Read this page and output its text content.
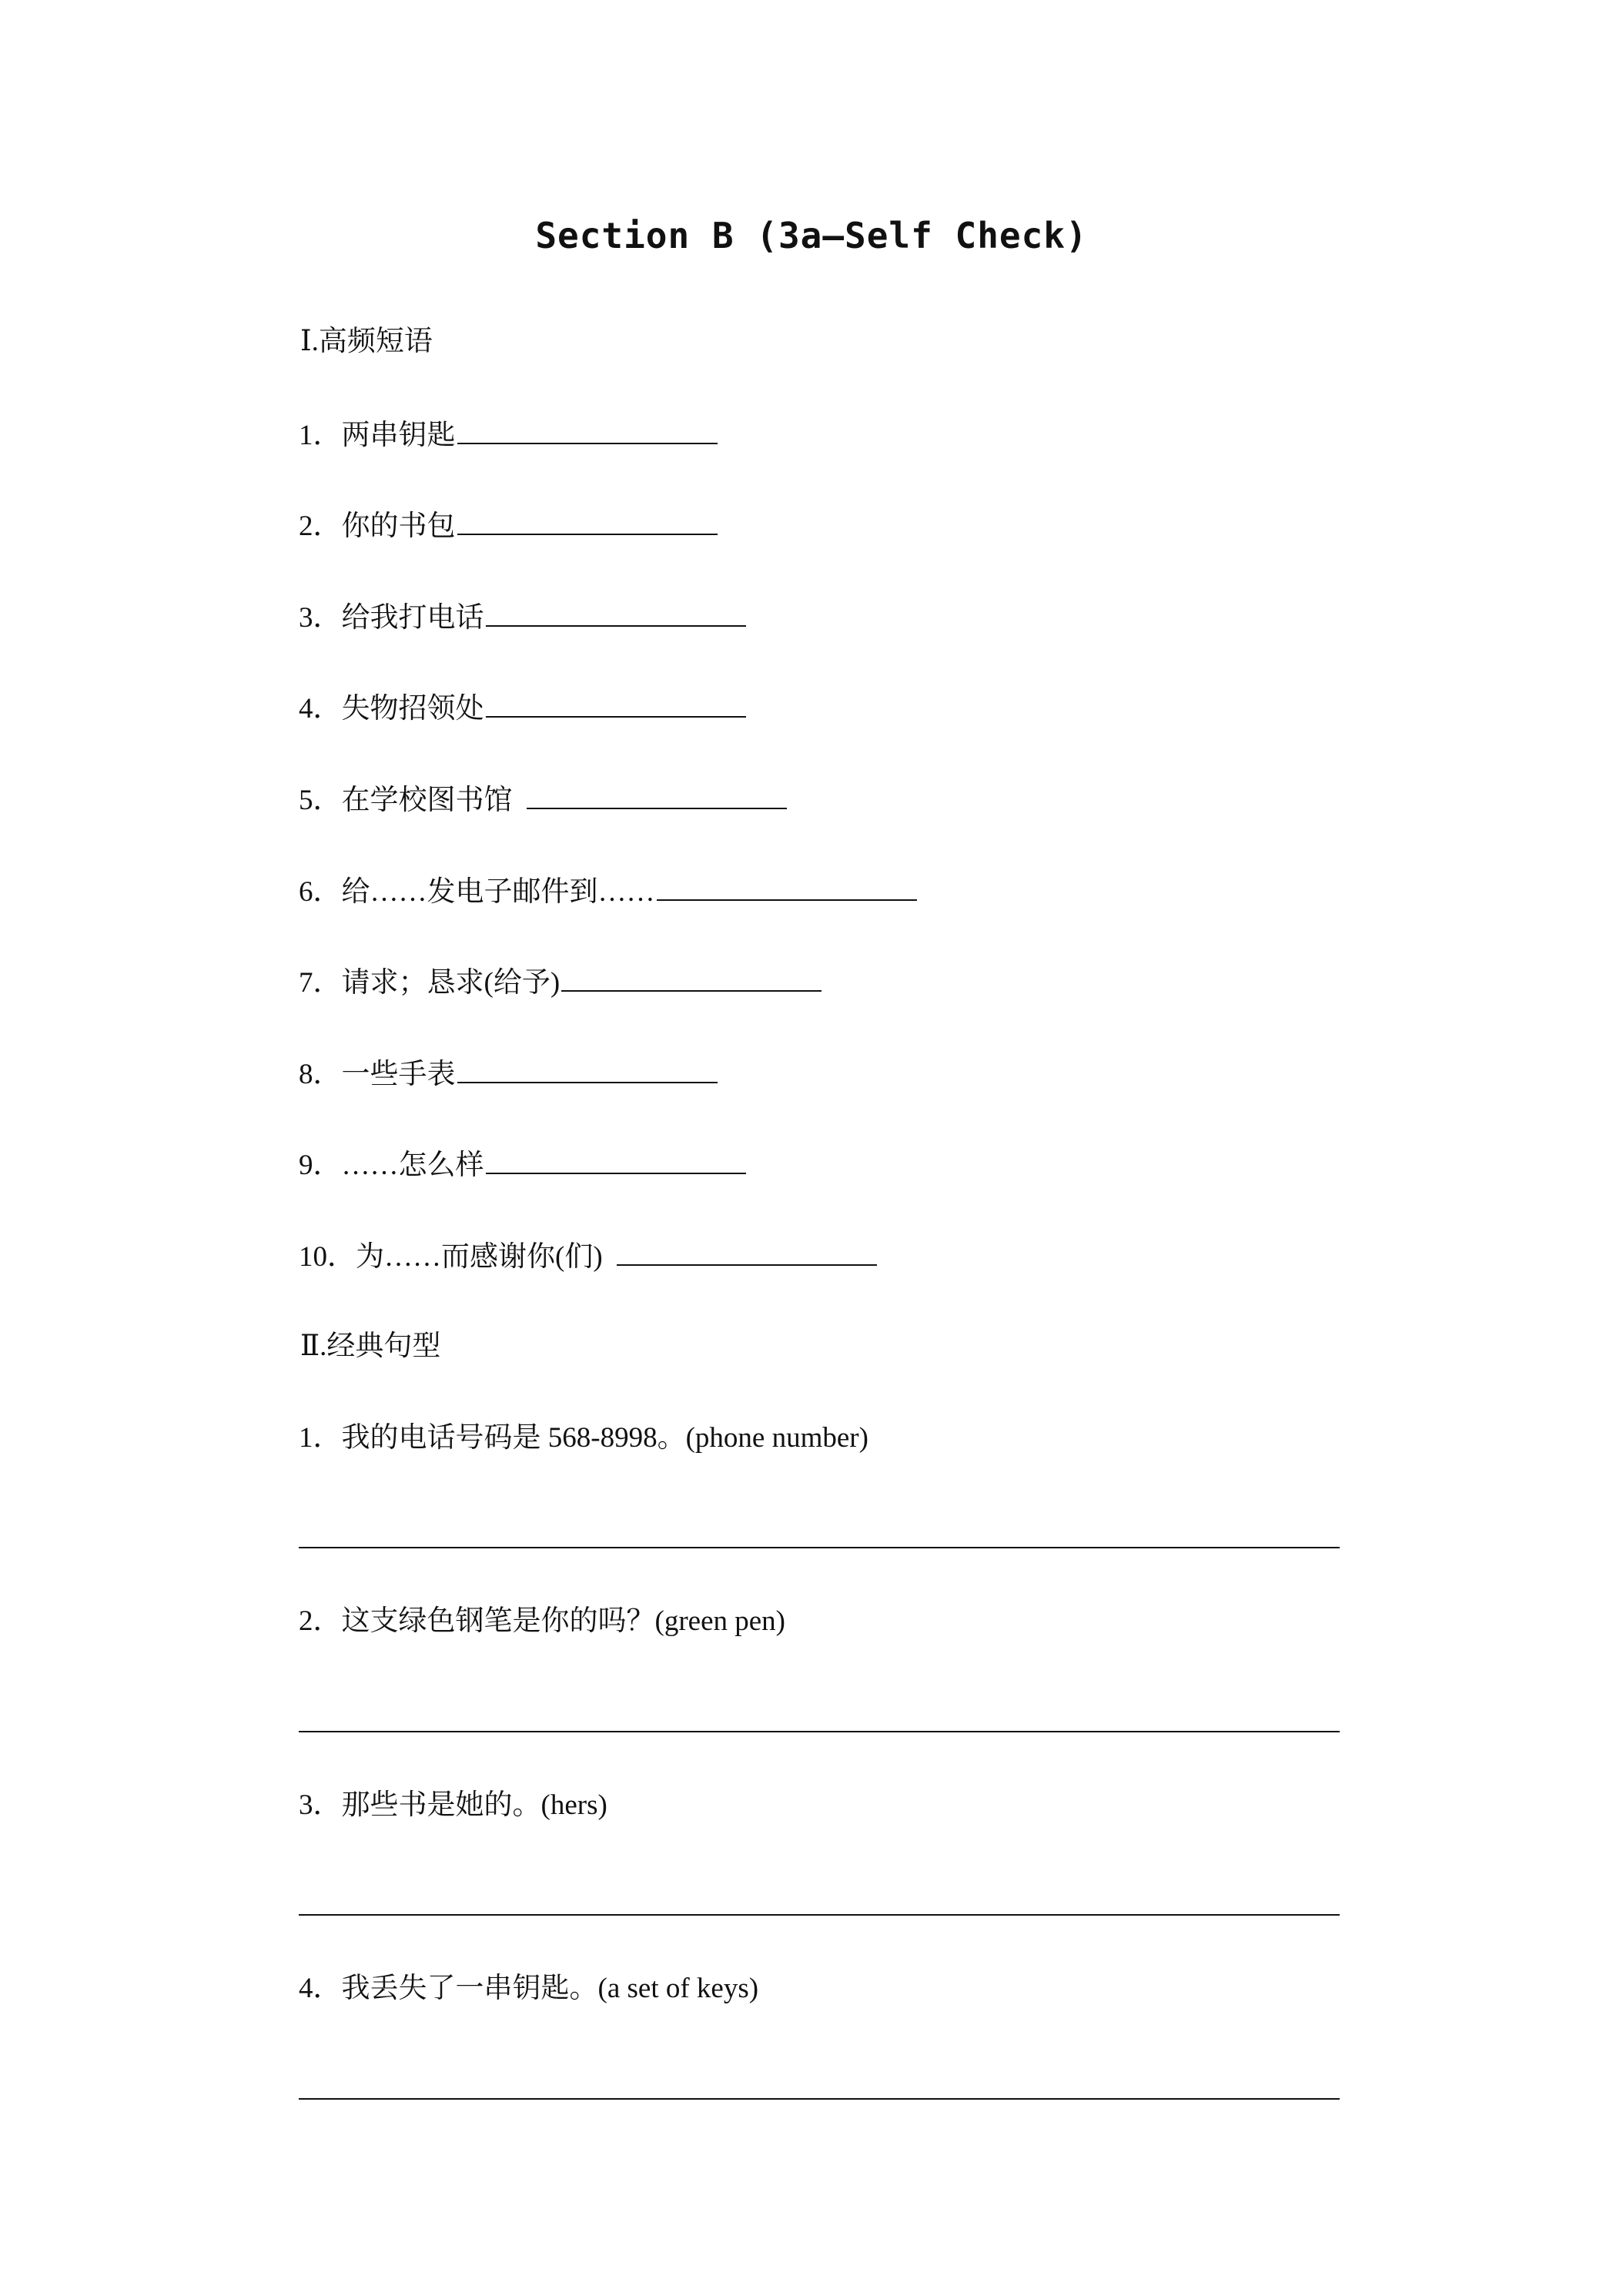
Section B (3a—Self Check)
Ⅰ.高频短语
1．两串钥匙
2．你的书包
3．给我打电话
4．失物招领处
5．在学校图书馆
6．给……发电子邮件到……
7．请求；恳求(给予)
8．一些手表
9．……怎么样
10．为……而感谢你(们)
Ⅱ.经典句型
1．我的电话号码是 568-8998。(phone number)
2．这支绿色钢笔是你的吗？(green pen)
3．那些书是她的。(hers)
4．我丢失了一串钥匙。(a set of keys)
